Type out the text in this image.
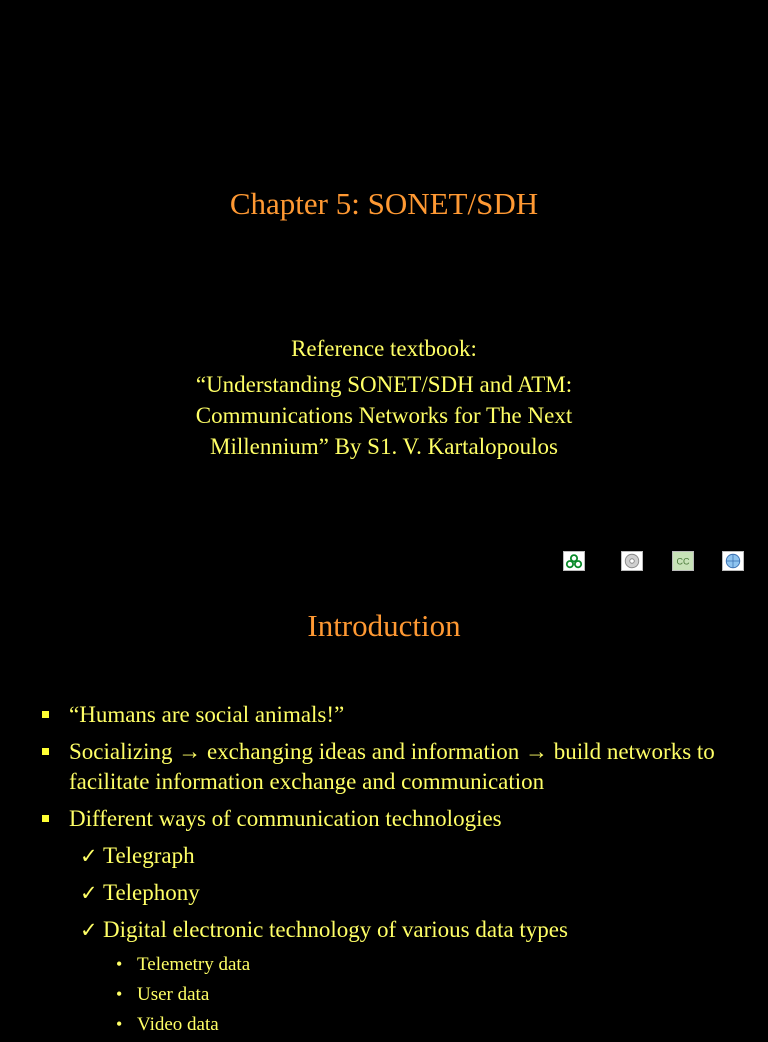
Chapter 5: SONET/SDH
Reference textbook:
“Understanding SONET/SDH and ATM:
Communications Networks for The Next
Millennium” By S1. V. Kartalopoulos
CC
Introduction
“Humans are social animals!”
Socializing → exchanging ideas and information → build networks to facilitate information exchange and communication
Different ways of communication technologies
✓ Telegraph
✓ Telephony
✓ Digital electronic technology of various data types
• Telemetry data
• User data
• Video data
